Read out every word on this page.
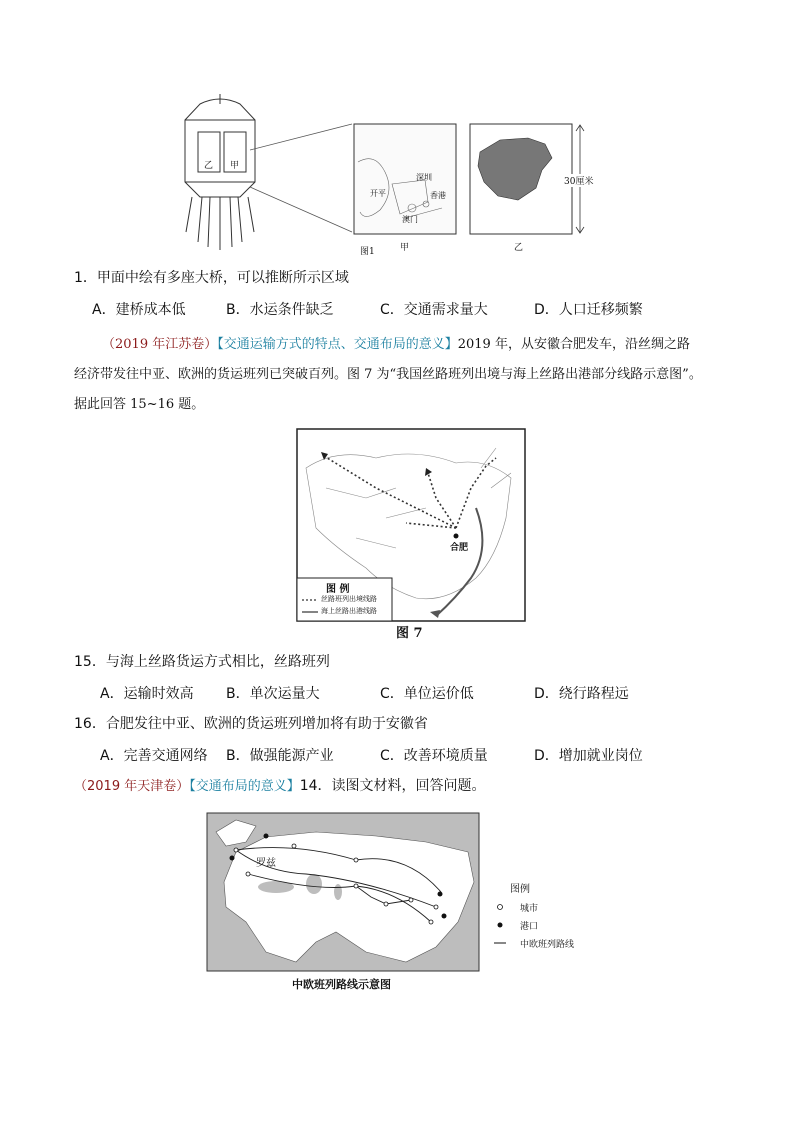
甲
乙
深圳
开平	香港
澳门
30厘米
图1	甲	乙
1．甲面中绘有多座大桥，可以推断所示区域
A．建桥成本低	B．水运条件缺乏	C．交通需求量大	D．人口迁移频繁
（2019 年江苏卷）【交通运输方式的特点、交通布局的意义】2019 年，从安徽合肥发车，沿丝绸之路
经济带发往中亚、欧洲的货运班列已突破百列。图 7 为“我国丝路班列出境与海上丝路出港部分线路示意图”。
据此回答 15~16 题。
图 例
丝路班列出境线路
海上丝路出港线路
合肥
图 7
15．与海上丝路货运方式相比，丝路班列
A．运输时效高 B．单次运量大	C．单位运价低	D．绕行路程远
16．合肥发往中亚、欧洲的货运班列增加将有助于安徽省
A．完善交通网络 B．做强能源产业	C．改善环境质量	D．增加就业岗位
（2019 年天津卷）【交通布局的意义】14．读图文材料，回答问题。
罗兹
图例
城市
港口
中欧班列路线
中欧班列路线示意图
